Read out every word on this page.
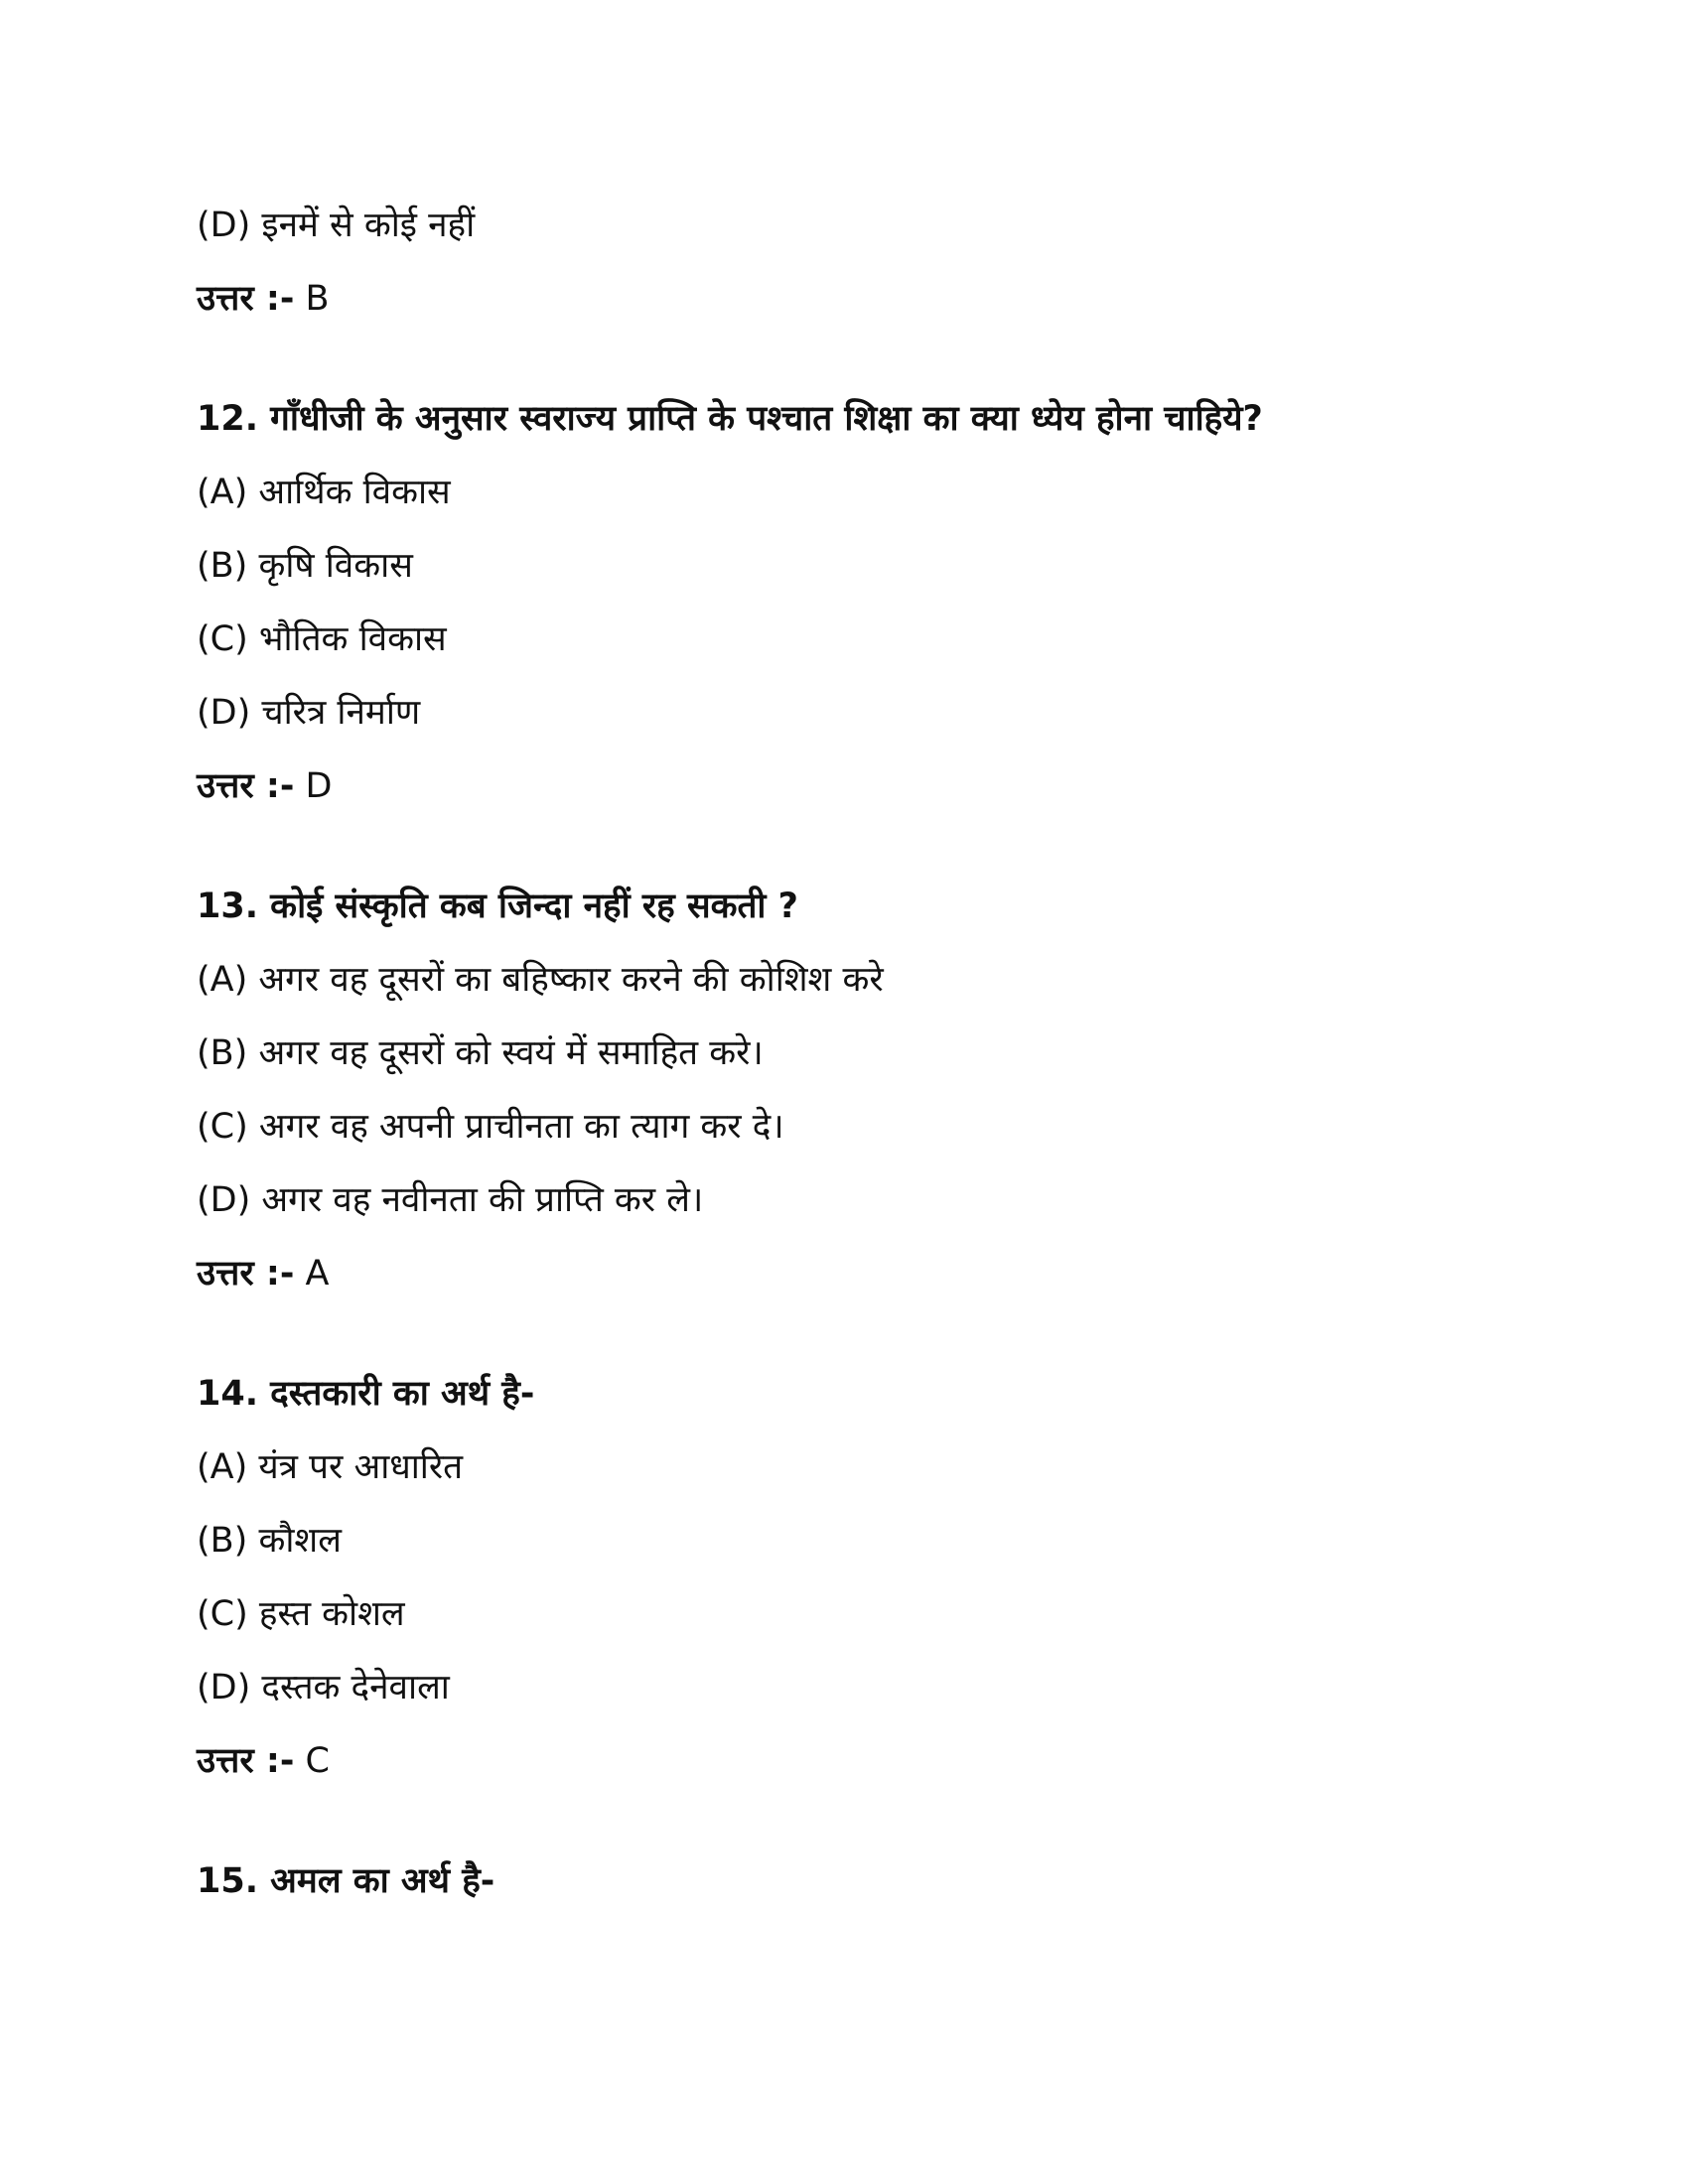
(D) इनमें से कोई नहीं
उत्तर :- B
12. गाँधीजी के अनुसार स्वराज्य प्राप्ति के पश्चात शिक्षा का क्या ध्येय होना चाहिये?
(A) आर्थिक विकास
(B) कृषि विकास
(C) भौतिक विकास
(D) चरित्र निर्माण
उत्तर :- D
13. कोई संस्कृति कब जिन्दा नहीं रह सकती ?
(A) अगर वह दूसरों का बहिष्कार करने की कोशिश करे
(B) अगर वह दूसरों को स्वयं में समाहित करे।
(C) अगर वह अपनी प्राचीनता का त्याग कर दे।
(D) अगर वह नवीनता की प्राप्ति कर ले।
उत्तर :- A
14. दस्तकारी का अर्थ है-
(A) यंत्र पर आधारित
(B) कौशल
(C) हस्त कोशल
(D) दस्तक देनेवाला
उत्तर :- C
15. अमल का अर्थ है-
